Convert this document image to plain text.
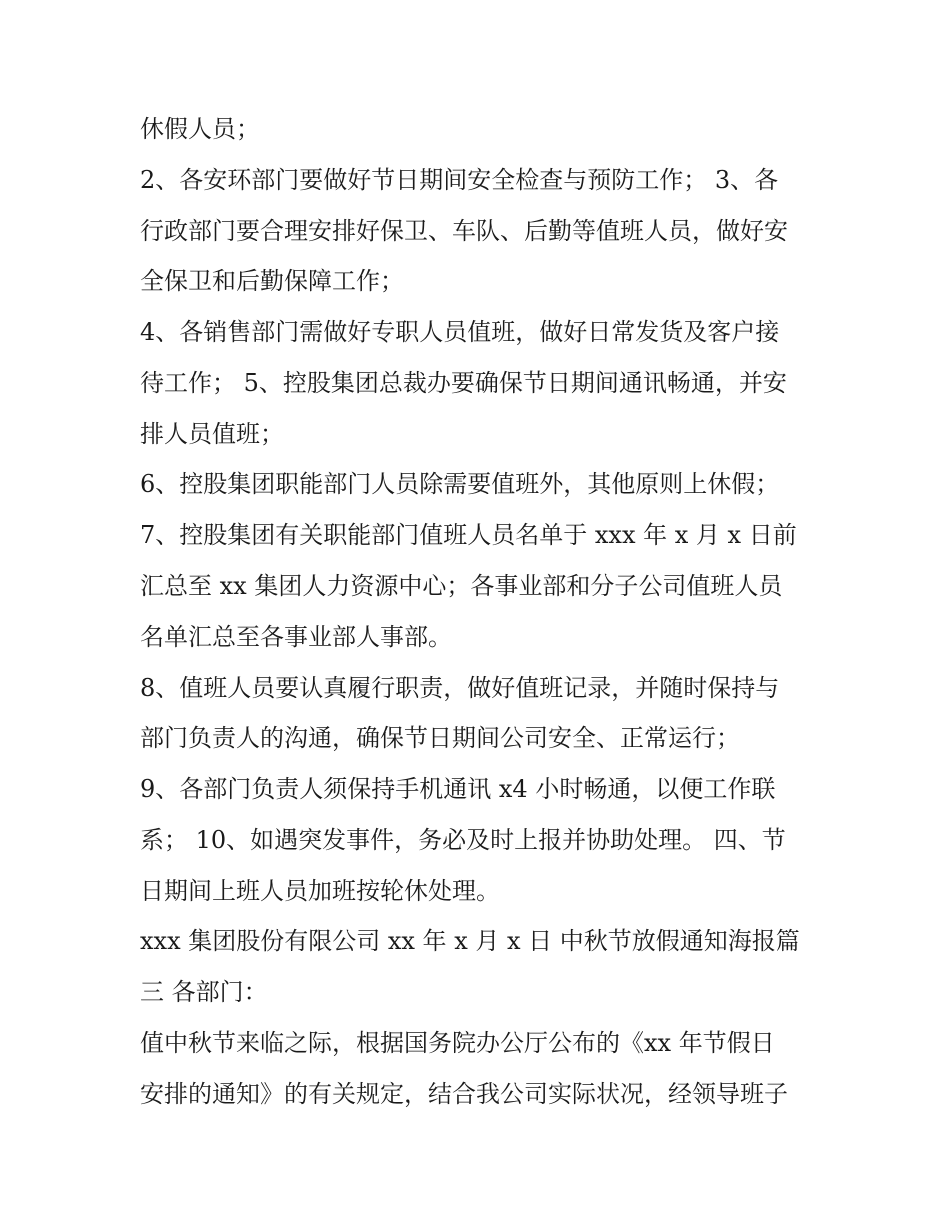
休假人员；
2、各安环部门要做好节日期间安全检查与预防工作； 3、各
行政部门要合理安排好保卫、车队、后勤等值班人员，做好安
全保卫和后勤保障工作；
4、各销售部门需做好专职人员值班，做好日常发货及客户接
待工作； 5、控股集团总裁办要确保节日期间通讯畅通，并安
排人员值班；
6、控股集团职能部门人员除需要值班外，其他原则上休假；
7、控股集团有关职能部门值班人员名单于 xxx 年 x 月 x 日前
汇总至 xx 集团人力资源中心；各事业部和分子公司值班人员
名单汇总至各事业部人事部。
8、值班人员要认真履行职责，做好值班记录，并随时保持与
部门负责人的沟通，确保节日期间公司安全、正常运行；
9、各部门负责人须保持手机通讯 x4 小时畅通，以便工作联
系； 10、如遇突发事件，务必及时上报并协助处理。 四、节
日期间上班人员加班按轮休处理。
xxx 集团股份有限公司 xx 年 x 月 x 日 中秋节放假通知海报篇
三 各部门：
值中秋节来临之际，根据国务院办公厅公布的《xx 年节假日
安排的通知》的有关规定，结合我公司实际状况，经领导班子
